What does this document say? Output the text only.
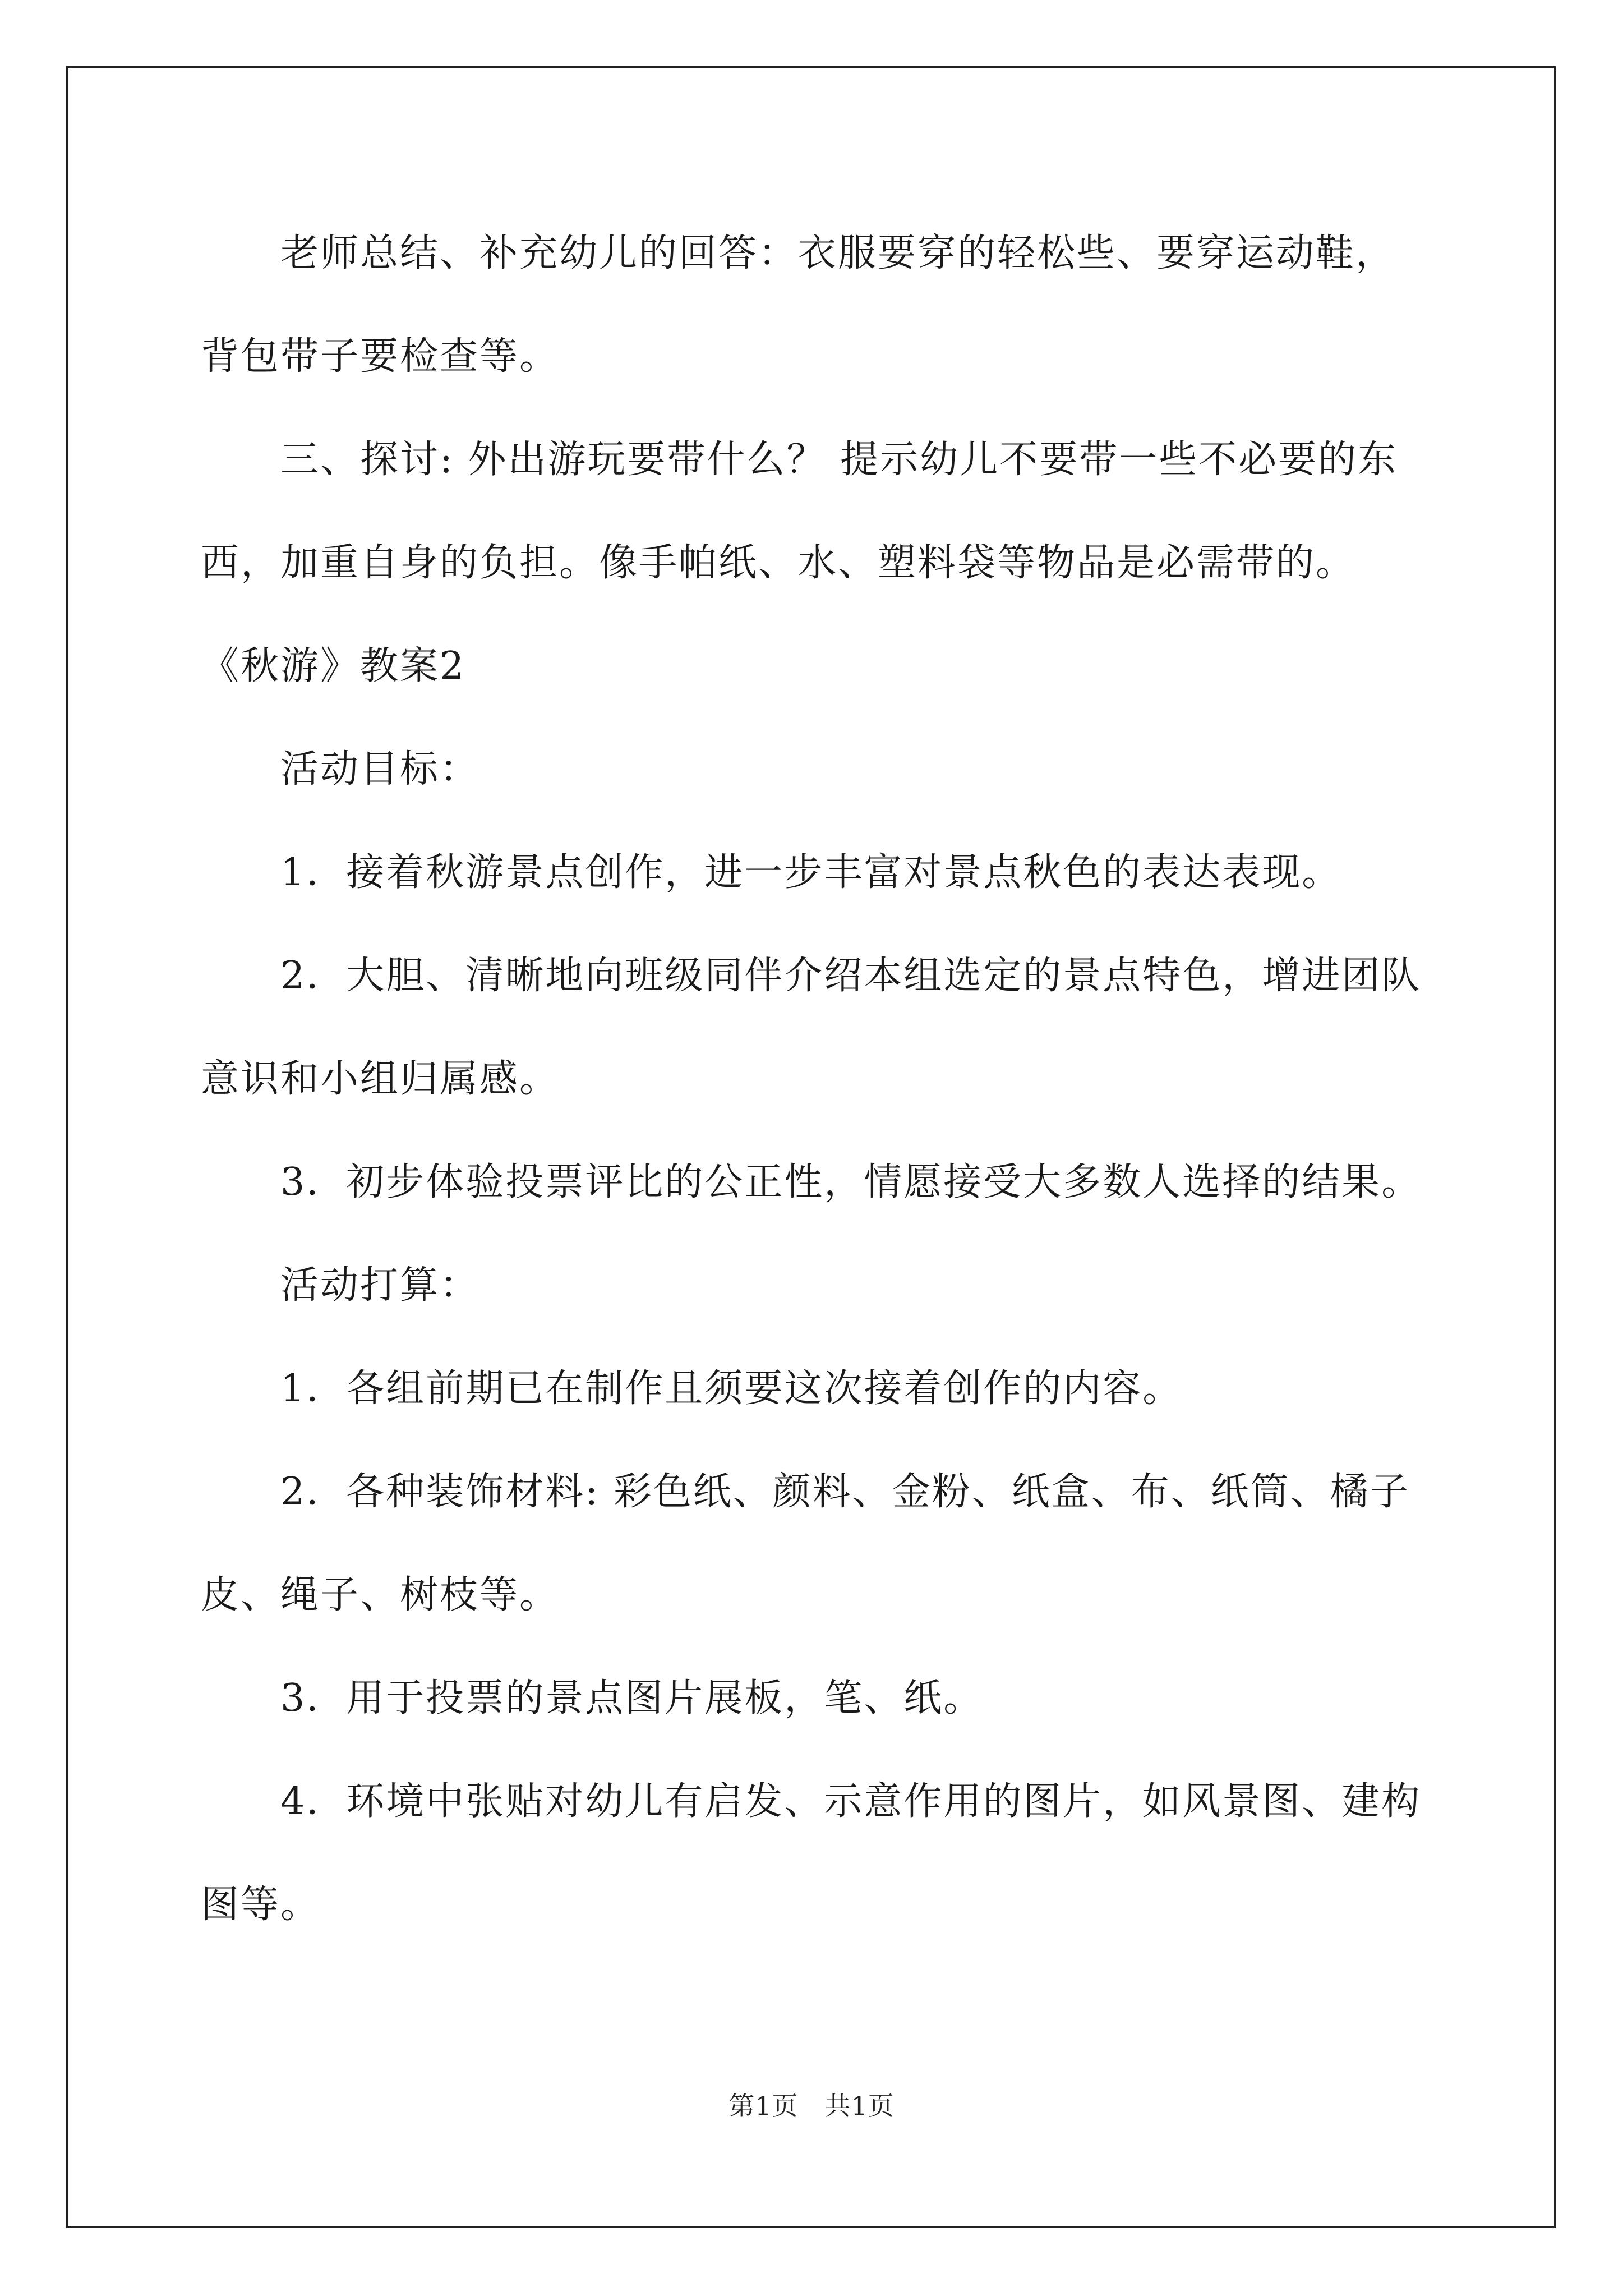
老师总结、补充幼儿的回答：衣服要穿的轻松些、要穿运动鞋，

背包带子要检查等。

三、探讨: 外出游玩要带什么？ 提示幼儿不要带一些不必要的东

西，加重自身的负担。像手帕纸、水、塑料袋等物品是必需带的。

《秋游》教案2

活动目标：

1．接着秋游景点创作，进一步丰富对景点秋色的表达表现。

2．大胆、清晰地向班级同伴介绍本组选定的景点特色，增进团队

意识和小组归属感。

3．初步体验投票评比的公正性，情愿接受大多数人选择的结果。

活动打算：

1．各组前期已在制作且须要这次接着创作的内容。

2．各种装饰材料: 彩色纸、颜料、金粉、纸盒、布、纸筒、橘子

皮、绳子、树枝等。

3．用于投票的景点图片展板，笔、纸。

4．环境中张贴对幼儿有启发、示意作用的图片，如风景图、建构

图等。

第1页　共1页
